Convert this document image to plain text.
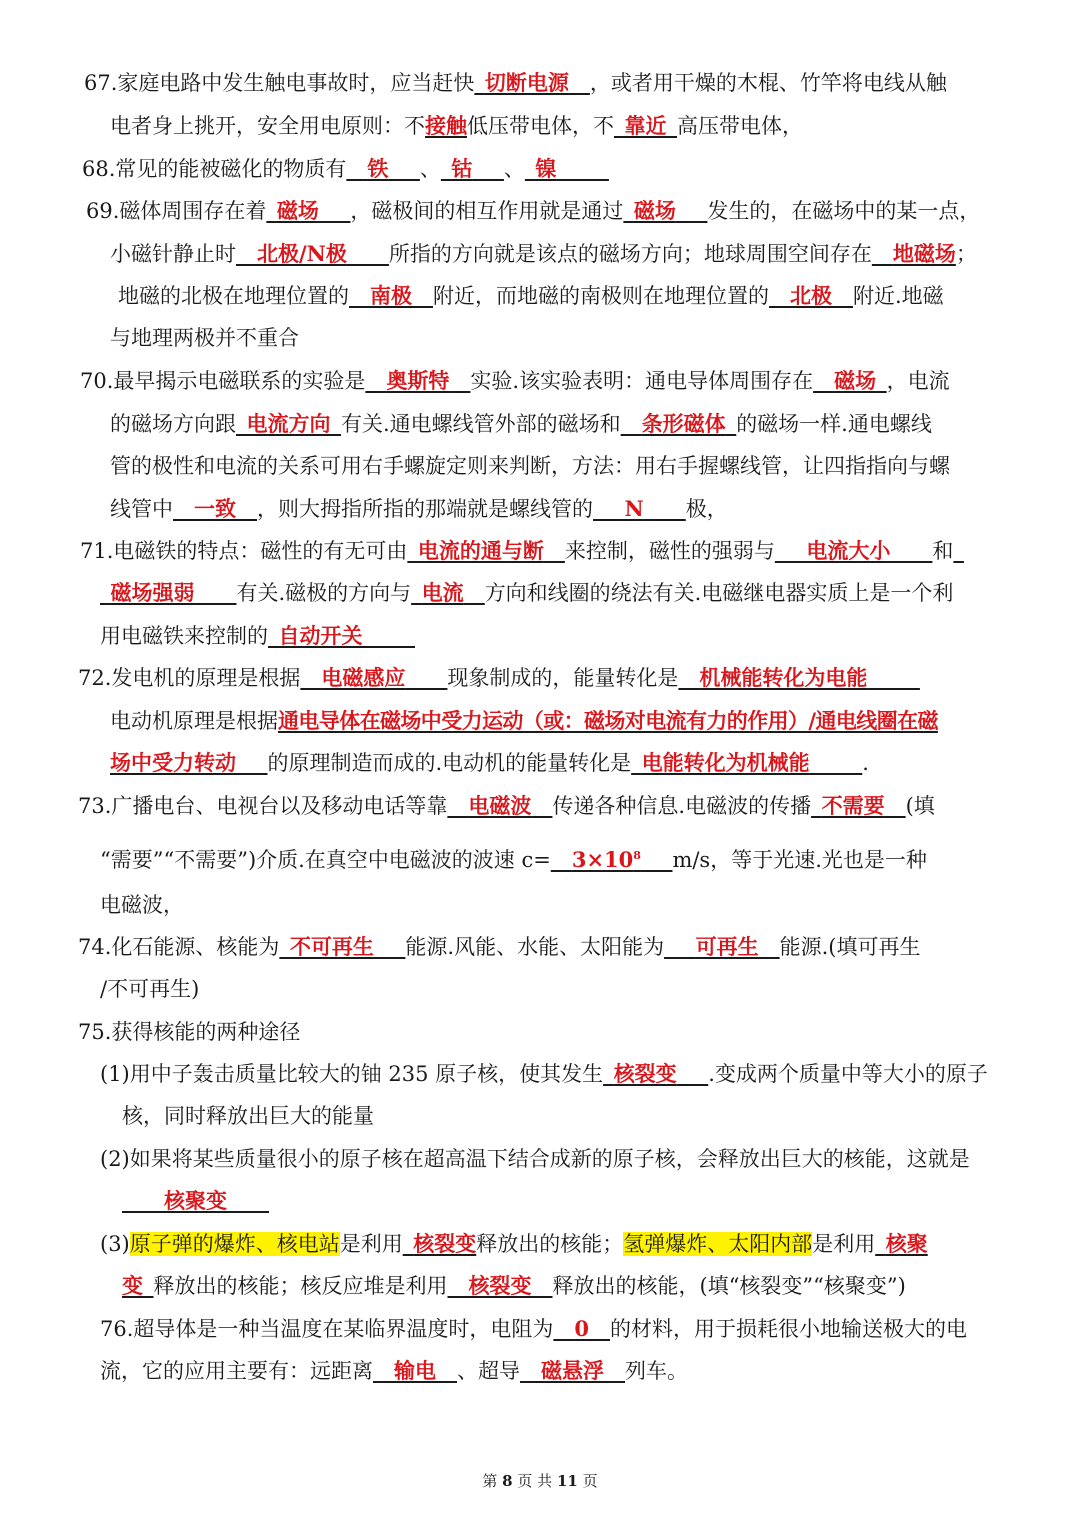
67.家庭电路中发生触电事故时，应当赶快_切断电源__，或者用干燥的木棍、竹竿将电线从触
电者身上挑开，安全用电原则：不接触低压带电体，不_靠近_高压带电体，
68.常见的能被磁化的物质有__铁___、_钴___、_镍_____
69.磁体周围存在着_磁场___，磁极间的相互作用就是通过_磁场___发生的，在磁场中的某一点，
小磁针静止时__北极/N极____所指的方向就是该点的磁场方向；地球周围空间存在__地磁场；
地磁的北极在地理位置的__南极__附近，而地磁的南极则在地理位置的__北极__附近.地磁
与地理两极并不重合
70.最早揭示电磁联系的实验是__奥斯特__实验.该实验表明：通电导体周围存在__磁场_，电流
的磁场方向跟_电流方向_有关.通电螺线管外部的磁场和__条形磁体_的磁场一样.通电螺线
管的极性和电流的关系可用右手螺旋定则来判断，方法：用右手握螺线管，让四指指向与螺
线管中__一致__，则大拇指所指的那端就是螺线管的___N____极，
71.电磁铁的特点：磁性的有无可由_电流的通与断__来控制，磁性的强弱与___电流大小____和_
_磁场强弱____有关.磁极的方向与_电流__方向和线圈的绕法有关.电磁继电器实质上是一个利
用电磁铁来控制的_自动开关_____
72.发电机的原理是根据__电磁感应____现象制成的，能量转化是__机械能转化为电能_____
电动机原理是根据通电导体在磁场中受力运动（或：磁场对电流有力的作用）/通电线圈在磁
场中受力转动___的原理制造而成的.电动机的能量转化是_电能转化为机械能_____.
73.广播电台、电视台以及移动电话等靠__电磁波__传递各种信息.电磁波的传播_不需要__(填
“需要”“不需要”)介质.在真空中电磁波的波速 $c=\_\_3\times 10^8\_\_\_m/s$，等于光速.光也是一种
电磁波，
74.化石能源、核能为_不可再生___能源.风能、水能、太阳能为___可再生__能源.(填可再生
/不可再生)
75.获得核能的两种途径
(1)用中子轰击质量比较大的铀 235 原子核，使其发生_核裂变___.变成两个质量中等大小的原子
核，同时释放出巨大的能量
(2)如果将某些质量很小的原子核在超高温下结合成新的原子核，会释放出巨大的核能，这就是
____核聚变____
(3)原子弹的爆炸、核电站是利用_核裂变释放出的核能；氢弹爆炸、太阳内部是利用_核聚
变_释放出的核能；核反应堆是利用__核裂变__释放出的核能，(填“核裂变”“核聚变”)
76.超导体是一种当温度在某临界温度时，电阻为__0__的材料，用于损耗很小地输送极大的电
流，它的应用主要有：远距离__输电__、超导__磁悬浮__列车。
第 8 页 共 11 页
